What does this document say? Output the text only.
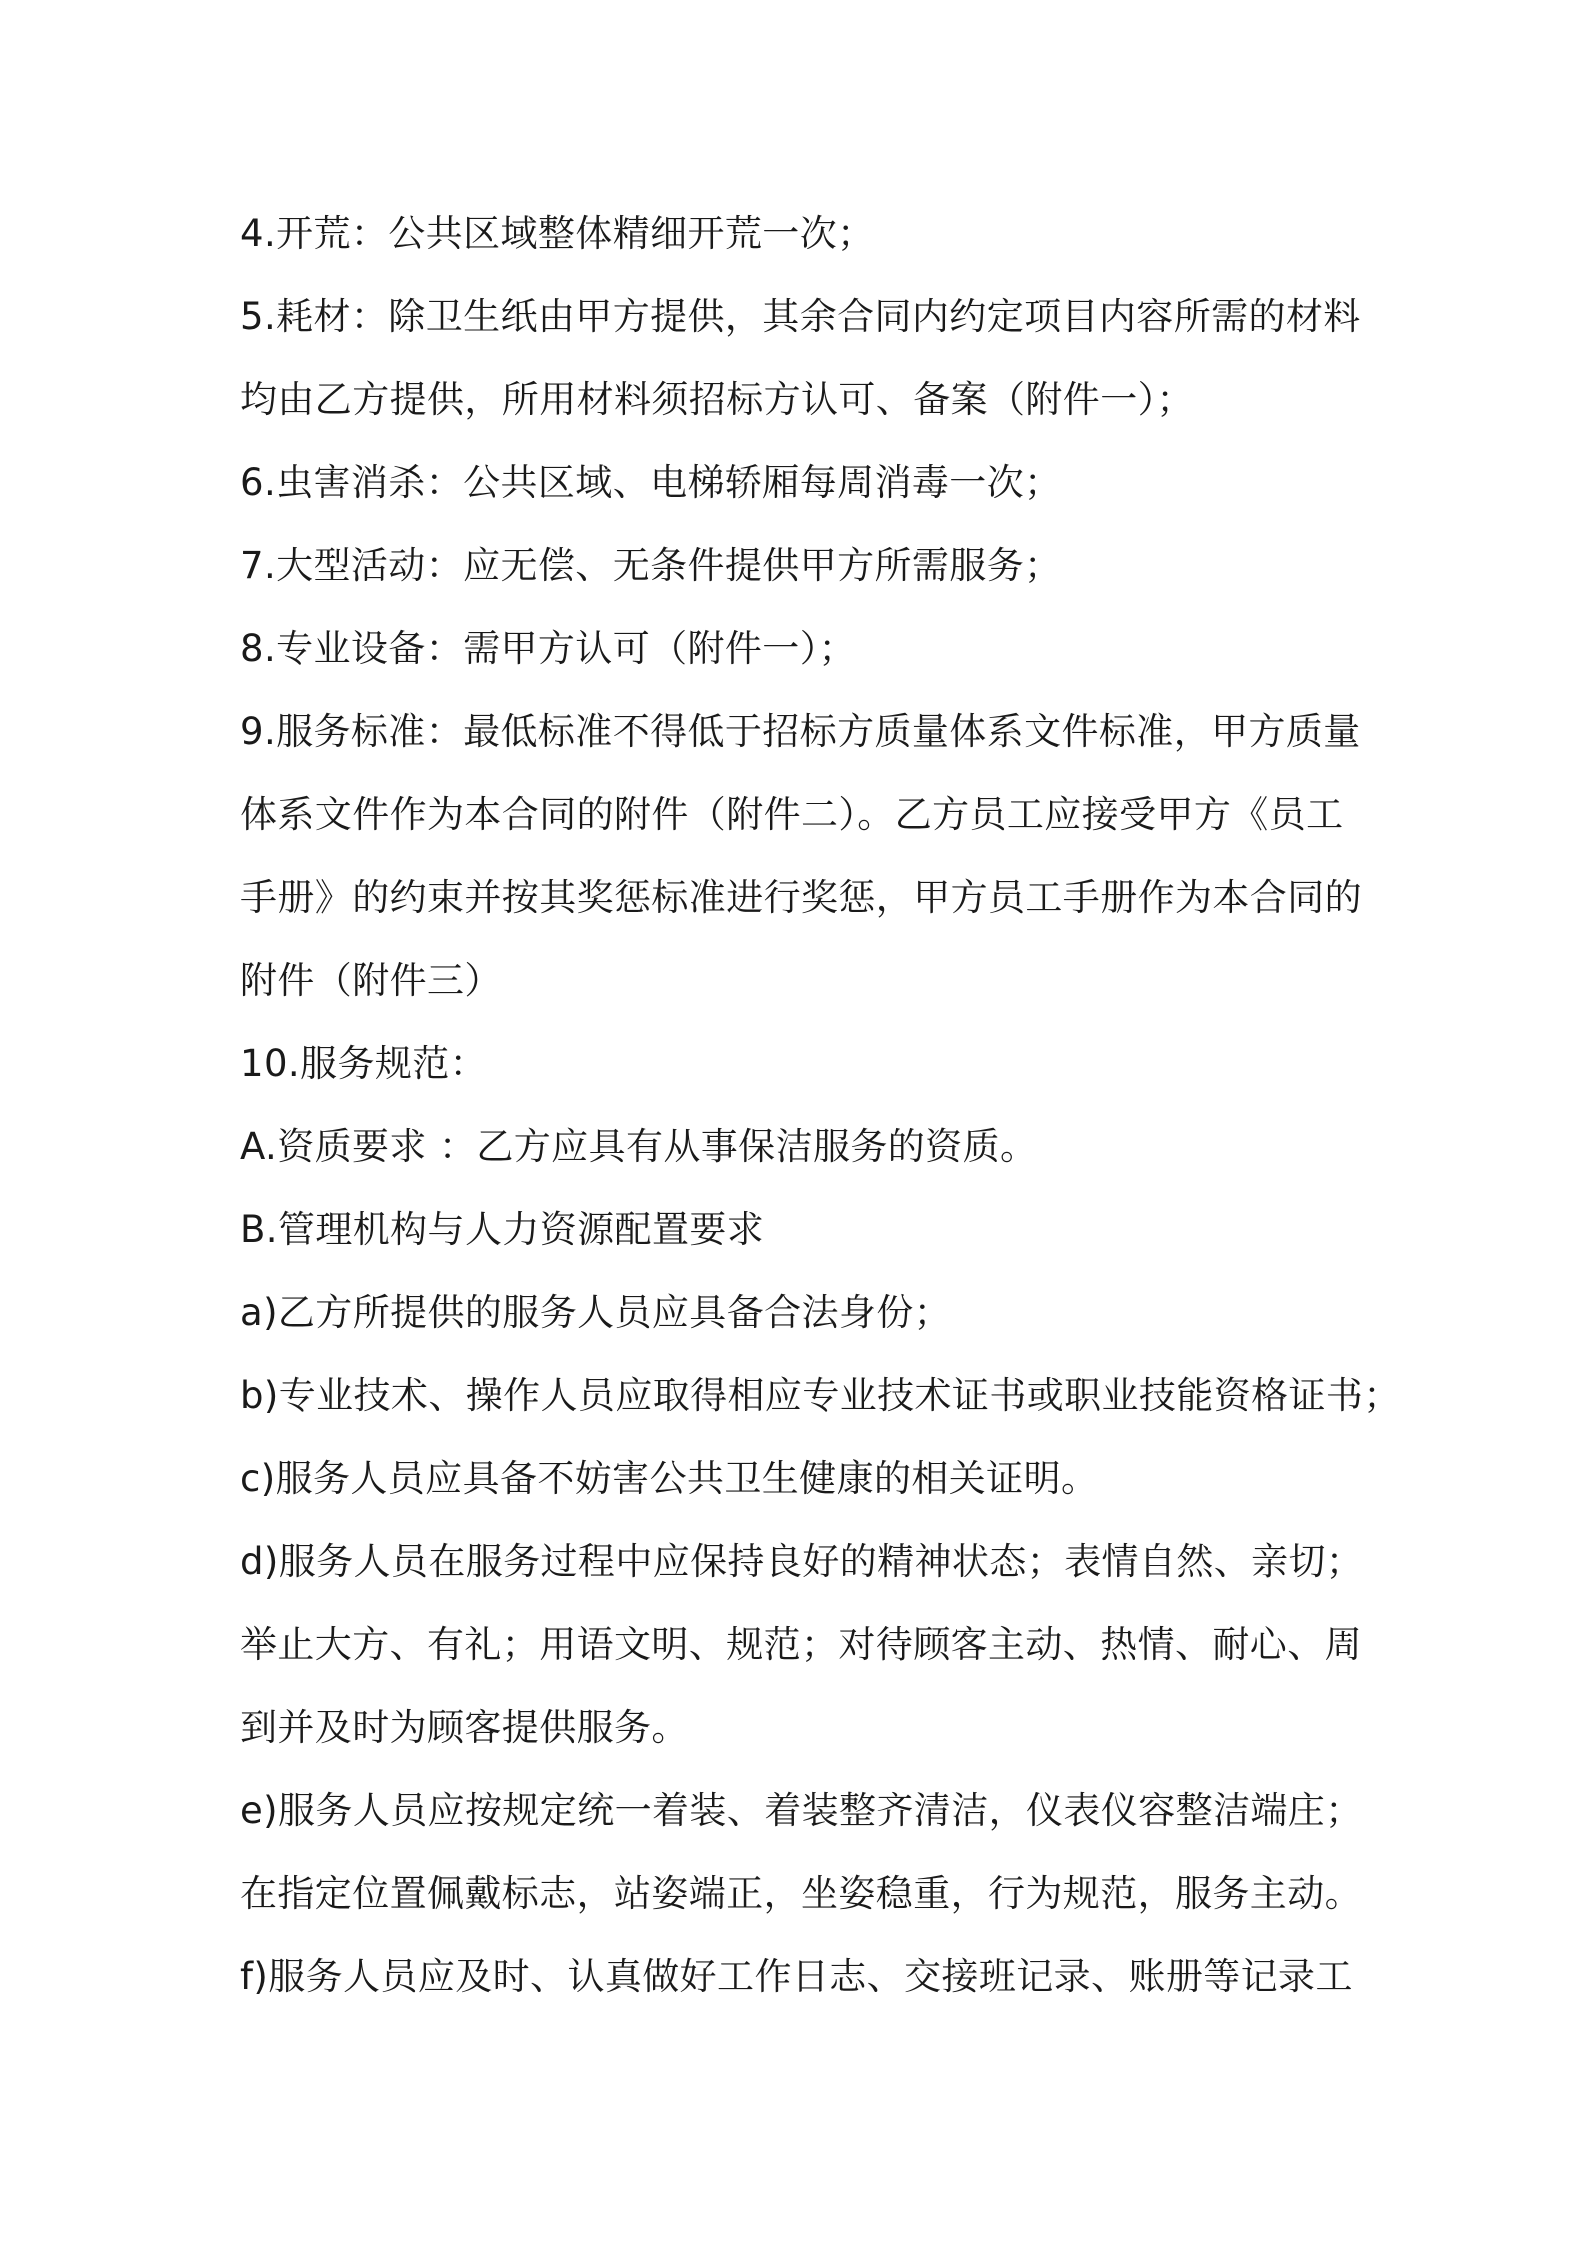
4.开荒：公共区域整体精细开荒一次；
5.耗材：除卫生纸由甲方提供，其余合同内约定项目内容所需的材料
均由乙方提供，所用材料须招标方认可、备案（附件一）；
6.虫害消杀：公共区域、电梯轿厢每周消毒一次；
7.大型活动：应无偿、无条件提供甲方所需服务；
8.专业设备：需甲方认可（附件一）；
9.服务标准：最低标准不得低于招标方质量体系文件标准，甲方质量
体系文件作为本合同的附件（附件二）。乙方员工应接受甲方《员工
手册》的约束并按其奖惩标准进行奖惩，甲方员工手册作为本合同的
附件（附件三）
10.服务规范：
A.资质要求 ：乙方应具有从事保洁服务的资质。
B.管理机构与人力资源配置要求
a)乙方所提供的服务人员应具备合法身份；
b)专业技术、操作人员应取得相应专业技术证书或职业技能资格证书；
c)服务人员应具备不妨害公共卫生健康的相关证明。
d)服务人员在服务过程中应保持良好的精神状态；表情自然、亲切；
举止大方、有礼；用语文明、规范；对待顾客主动、热情、耐心、周
到并及时为顾客提供服务。
e)服务人员应按规定统一着装、着装整齐清洁，仪表仪容整洁端庄；
在指定位置佩戴标志，站姿端正，坐姿稳重，行为规范，服务主动。
f)服务人员应及时、认真做好工作日志、交接班记录、账册等记录工
